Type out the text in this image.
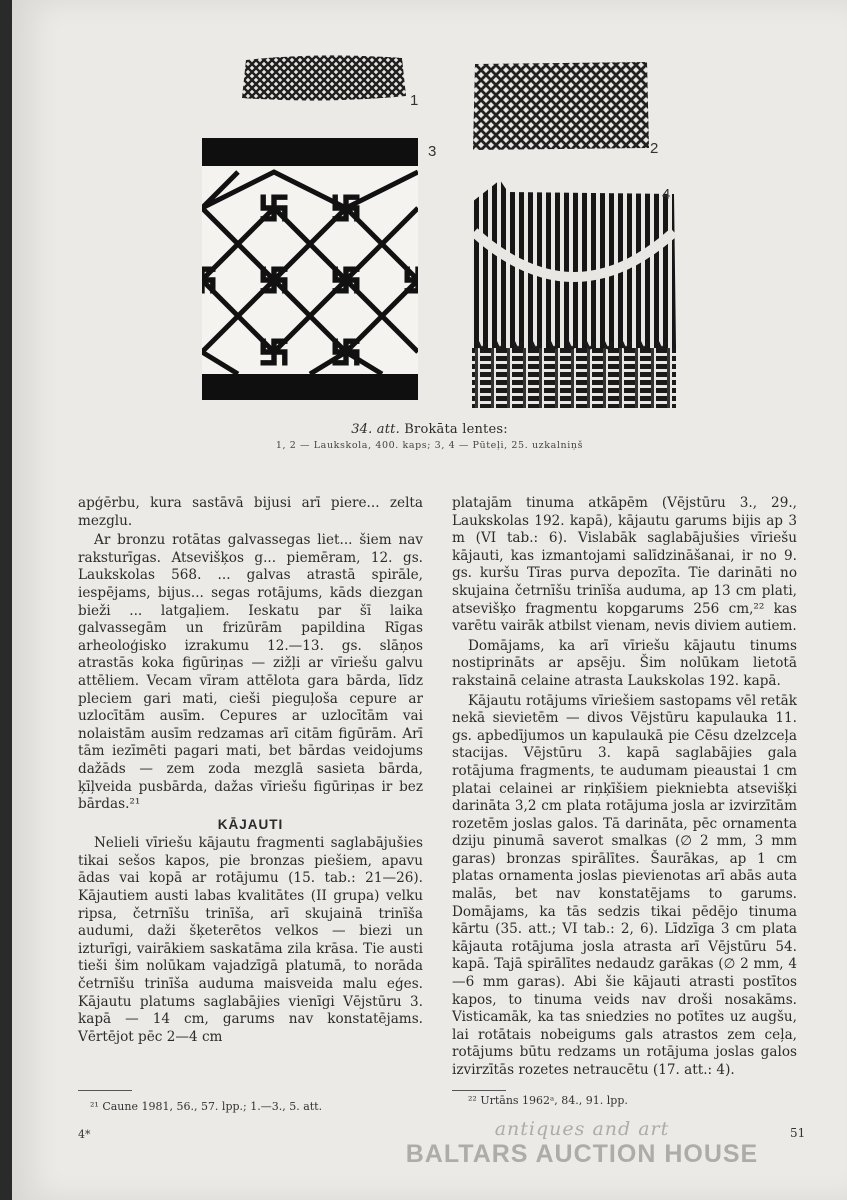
1
2
3
4
34. att. Brokāta lentes:
1, 2 — Laukskola, 400. kaps; 3, 4 — Pūteļi, 25. uzkalniņš

apģērbu, kura sastāvā bijusi arī piere... zelta mezglu.

Ar bronzu rotātas galvassegas liet... šiem nav raksturīgas. Atsevišķos g... piemēram, 12. gs. Laukskolas 568. ... galvas atrastā spirāle, iespējams, bijus... segas rotājums, kāds diezgan bieži ... latgaļiem. Ieskatu par šī laika galvassegām un frizūrām papildina Rīgas arheoloģisko izrakumu 12.—13. gs. slāņos atrastās koka figūriņas — zižļi ar vīriešu galvu attēliem. Vecam vīram attēlota gara bārda, līdz pleciem gari mati, cieši pieguļoša cepure ar uzlocītām ausīm. Cepures ar uzlocītām vai nolaistām ausīm redzamas arī citām figūrām. Arī tām iezīmēti pagari mati, bet bārdas veidojums dažāds — zem zoda mezglā sasieta bārda, ķīļveida pusbārda, dažas vīriešu figūriņas ir bez bārdas.²¹

KĀJAUTI

Nelieli vīriešu kājautu fragmenti saglabājušies tikai sešos kapos, pie bronzas piešiem, apavu ādas vai kopā ar rotājumu (15. tab.: 21—26). Kājautiem austi labas kvalitātes (II grupa) velku ripsa, četrnīšu trinīša, arī skujainā trinīša audumi, daži šķeterētos velkos — biezi un izturīgi, vairākiem saskatāma zila krāsa. Tie austi tieši šim nolūkam vajadzīgā platumā, to norāda četrnīšu trinīša auduma maisveida malu eģes. Kājautu platums saglabājies vienīgi Vējstūru 3. kapā — 14 cm, garums nav konstatējams. Vērtējot pēc 2—4 cm

²¹ Caune 1981, 56., 57. lpp.; 1.—3., 5. att.
4*

platajām tinuma atkāpēm (Vējstūru 3., 29., Laukskolas 192. kapā), kājautu garums bijis ap 3 m (VI tab.: 6). Vislabāk saglabājušies vīriešu kājauti, kas izmantojami salīdzināšanai, ir no 9. gs. kuršu Tīras purva depozīta. Tie darināti no skujaina četrnīšu trinīša auduma, ap 13 cm plati, atsevišķo fragmentu kopgarums 256 cm,²² kas varētu vairāk atbilst vienam, nevis diviem autiem.

Domājams, ka arī vīriešu kājautu tinums nostiprināts ar apsēju. Šim nolūkam lietotā rakstainā celaine atrasta Laukskolas 192. kapā.

Kājautu rotājums vīriešiem sastopams vēl retāk nekā sievietēm — divos Vējstūru kapulauka 11. gs. apbedījumos un kapulaukā pie Cēsu dzelzceļa stacijas. Vējstūru 3. kapā saglabājies gala rotājuma fragments, te audumam pieaustai 1 cm platai celainei ar riņķīšiem piekniebta atsevišķi darināta 3,2 cm plata rotājuma josla ar izvirzītām rozetēm joslas galos. Tā darināta, pēc ornamenta dziju pinumā saverot smalkas (∅ 2 mm, 3 mm garas) bronzas spirālītes. Šaurākas, ap 1 cm platas ornamenta joslas pievienotas arī abās auta malās, bet nav konstatējams to garums. Domājams, ka tās sedzis tikai pēdējo tinuma kārtu (35. att.; VI tab.: 2, 6). Līdzīga 3 cm plata kājauta rotājuma josla atrasta arī Vējstūru 54. kapā. Tajā spirālītes nedaudz garākas (∅ 2 mm, 4—6 mm garas). Abi šie kājauti atrasti postītos kapos, to tinuma veids nav droši nosakāms. Visticamāk, ka tas sniedzies no potītes uz augšu, lai rotātais nobeigums gals atrastos zem ceļa, rotājums būtu redzams un rotājuma joslas galos izvirzītās rozetes netraucētu (17. att.: 4).

²² Urtāns 1962ᵃ, 84., 91. lpp.
51
antiques and art
BALTARS AUCTION HOUSE
